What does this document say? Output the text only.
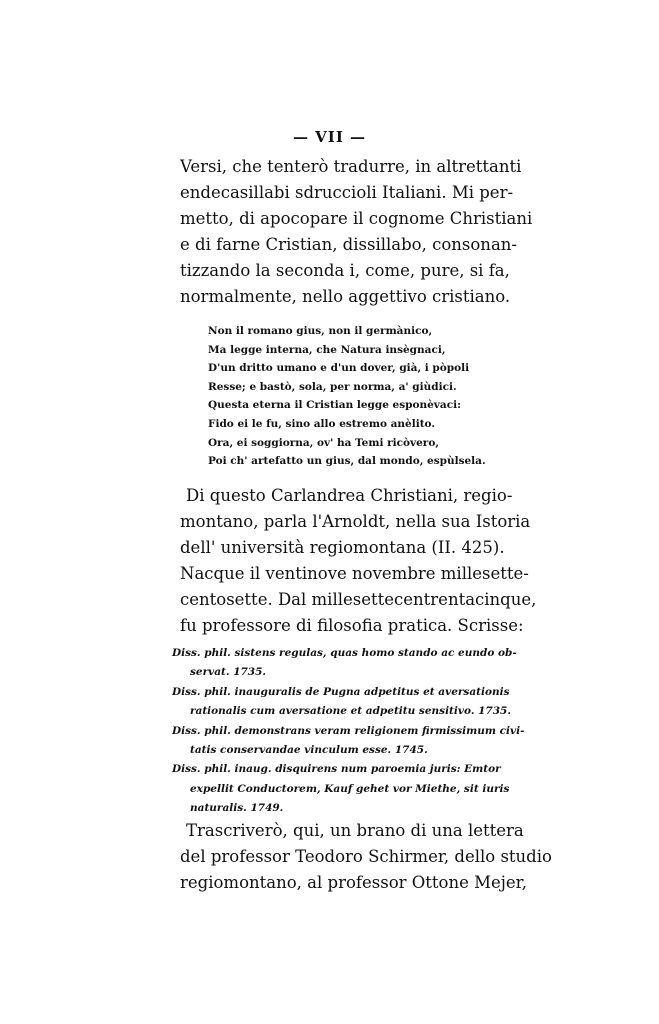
— VII —
Versi, che tenterò tradurre, in altrettanti
endecasillabi sdruccioli Italiani. Mi per-
metto, di apocopare il cognome Christiani
e di farne Cristian, dissillabo, consonan-
tizzando la seconda i, come, pure, si fa,
normalmente, nello aggettivo cristiano.
Non il romano gius, non il germànico,
Ma legge interna, che Natura insègnaci,
D'un dritto umano e d'un dover, già, i pòpoli
Resse; e bastò, sola, per norma, a' giùdici.
Questa eterna il Cristian legge esponèvaci:
Fido ei le fu, sino allo estremo anèlito.
Ora, ei soggiorna, ov' ha Temi ricòvero,
Poi ch' artefatto un gius, dal mondo, espùlsela.
Di questo Carlandrea Christiani, regio-
montano, parla l'Arnoldt, nella sua Istoria
dell' università regiomontana (II. 425).
Nacque il ventinove novembre millesette-
centosette. Dal millesettecentrentacinque,
fu professore di filosofia pratica. Scrisse:
Diss. phil. sistens regulas, quas homo stando ac eundo ob-
servat. 1735.
Diss. phil. inauguralis de Pugna adpetitus et aversationis
rationalis cum aversatione et adpetitu sensitivo. 1735.
Diss. phil. demonstrans veram religionem firmissimum civi-
tatis conservandae vinculum esse. 1745.
Diss. phil. inaug. disquirens num paroemia juris: Emtor
expellit Conductorem, Kauf gehet vor Miethe, sit iuris
naturalis. 1749.
Trascriverò, qui, un brano di una lettera
del professor Teodoro Schirmer, dello studio
regiomontano, al professor Ottone Mejer,
